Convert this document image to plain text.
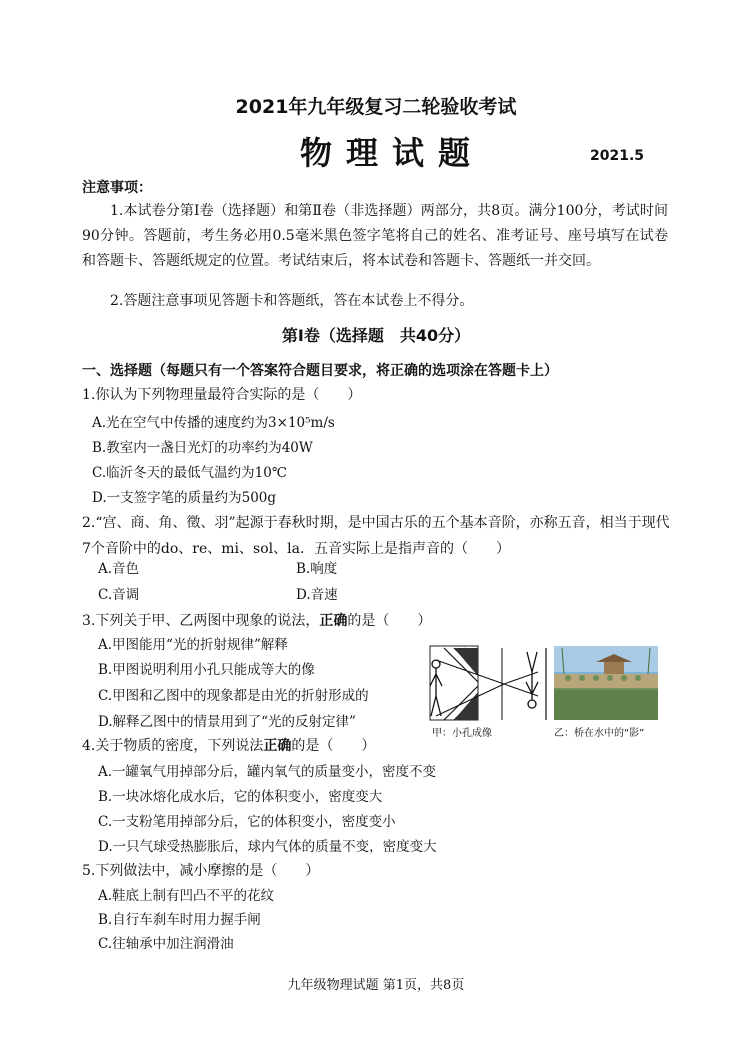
2021年九年级复习二轮验收考试
物理试题	2021.5
注意事项：
1.本试卷分第Ⅰ卷（选择题）和第Ⅱ卷（非选择题）两部分，共8页。满分100分，考试时间90分钟。答题前，考生务必用0.5毫米黑色签字笔将自己的姓名、准考证号、座号填写在试卷和答题卡、答题纸规定的位置。考试结束后，将本试卷和答题卡、答题纸一并交回。
2.答题注意事项见答题卡和答题纸，答在本试卷上不得分。
第Ⅰ卷（选择题　共40分）
一、选择题（每题只有一个答案符合题目要求，将正确的选项涂在答题卡上）
1.你认为下列物理量最符合实际的是（　　）
A.光在空气中传播的速度约为3×10⁵m/s
B.教室内一盏日光灯的功率约为40W
C.临沂冬天的最低气温约为10℃
D.一支签字笔的质量约为500g
2.“宫、商、角、徵、羽”起源于春秋时期，是中国古乐的五个基本音阶，亦称五音，相当于现代7个音阶中的do、re、mi、sol、la．五音实际上是指声音的（　　）
A.音色	B.响度
C.音调	D.音速
3.下列关于甲、乙两图中现象的说法，正确的是（　　）
A.甲图能用“光的折射规律”解释
B.甲图说明利用小孔只能成等大的像
C.甲图和乙图中的现象都是由光的折射形成的
D.解释乙图中的情景用到了“光的反射定律”
甲：小孔成像	乙：桥在水中的“影”
4.关于物质的密度，下列说法正确的是（　　）
A.一罐氧气用掉部分后，罐内氧气的质量变小，密度不变
B.一块冰熔化成水后，它的体积变小，密度变大
C.一支粉笔用掉部分后，它的体积变小，密度变小
D.一只气球受热膨胀后，球内气体的质量不变，密度变大
5.下列做法中，减小摩擦的是（　　）
A.鞋底上制有凹凸不平的花纹
B.自行车刹车时用力握手闸
C.往轴承中加注润滑油
九年级物理试题 第1页，共8页
